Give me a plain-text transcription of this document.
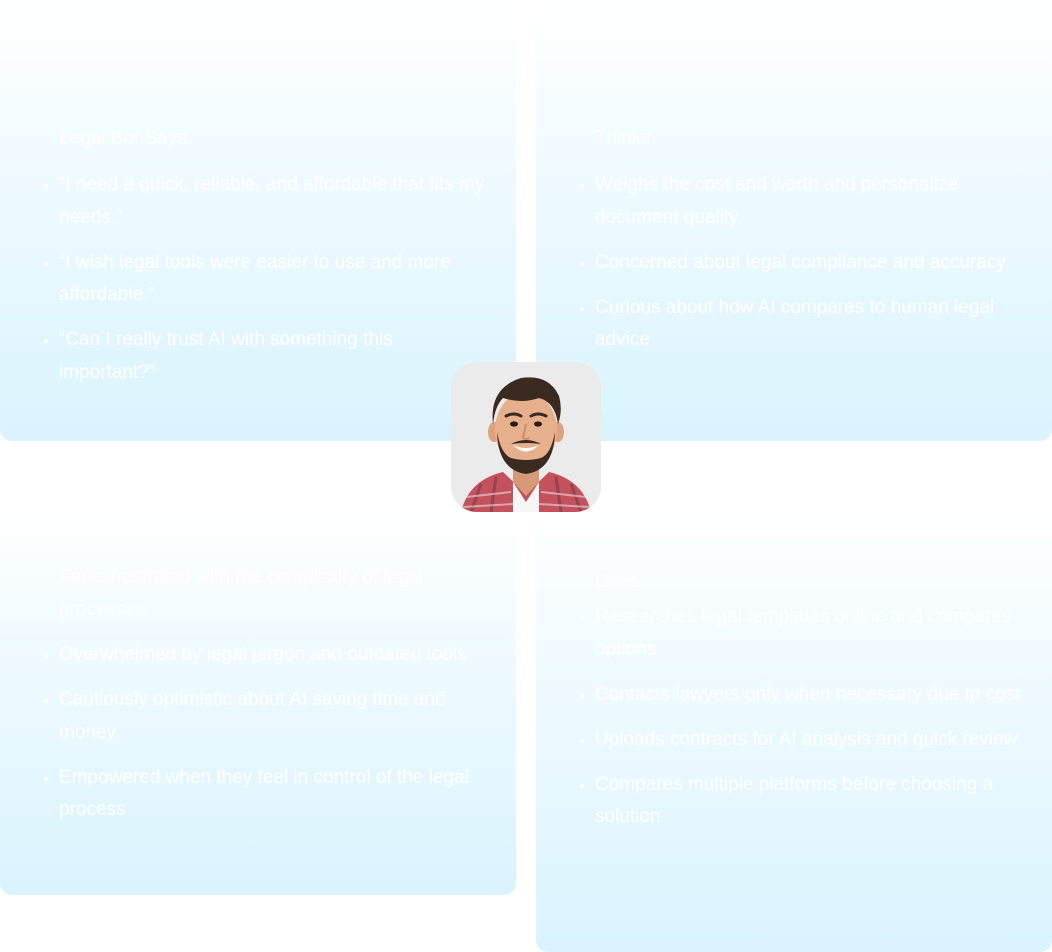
Legal Bot Says
• “I need a quick, reliable, and affordable that fits my needs.”
• “I wish legal tools were easier to use and more affordable.”
• “Can I really trust AI with something this important?”
Thinks
• Weighs the cost and worth and personalize document quality
• Concerned about legal compliance and accuracy
• Curious about how AI compares to human legal advice
Feels frustrated with the complexity of legal processes
• Overwhelmed by legal jargon and outdated tools
• Cautiously optimistic about AI saving time and money
• Empowered when they feel in control of the legal process
Does
• Researches legal templates online and compares options
• Contacts lawyers only when necessary due to cost
• Uploads contracts for AI analysis and quick review
• Compares multiple platforms before choosing a solution
